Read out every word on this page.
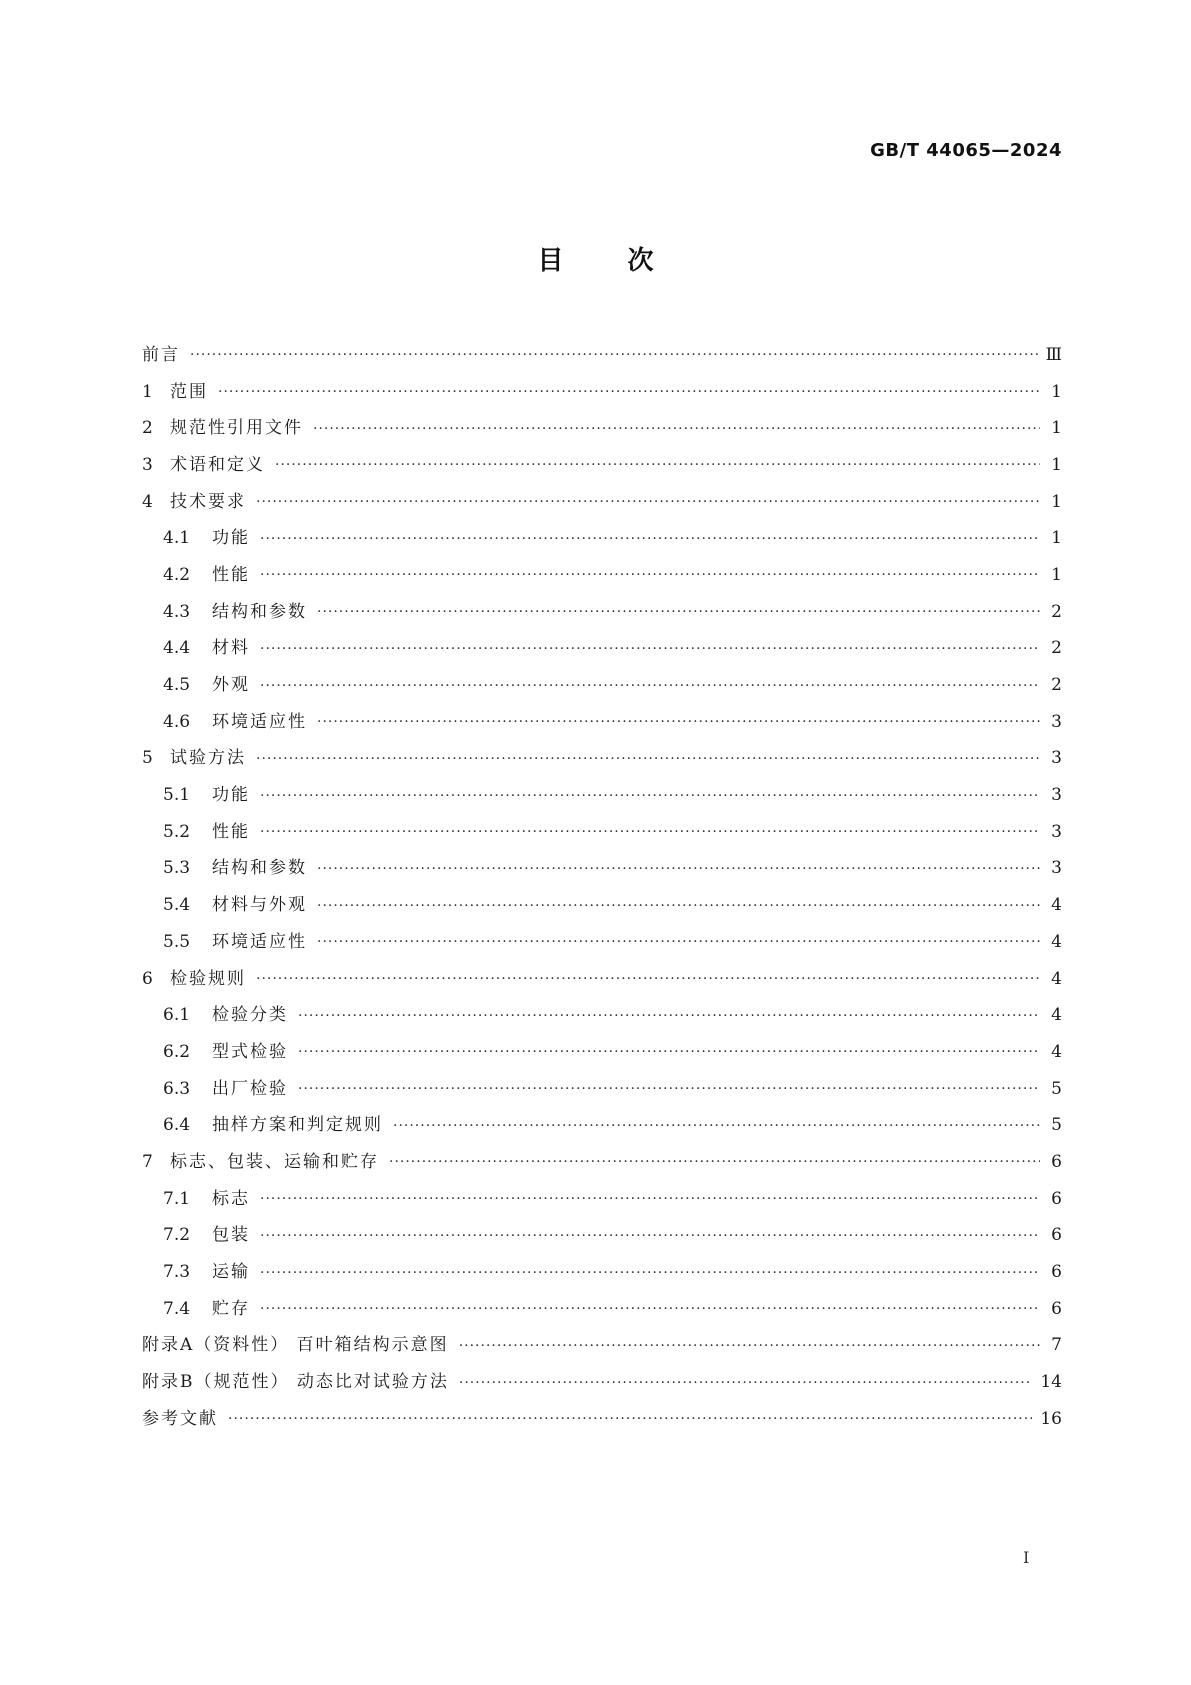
GB/T 44065—2024
目次
前言 ·····	Ⅲ
1	范围 ·····	1
2	规范性引用文件 ·····	1
3	术语和定义 ·····	1
4	技术要求 ·····	1
4.1	功能 ·····	1
4.2	性能 ·····	1
4.3	结构和参数 ·····	2
4.4	材料 ·····	2
4.5	外观 ·····	2
4.6	环境适应性 ·····	3
5	试验方法 ·····	3
5.1	功能 ·····	3
5.2	性能 ·····	3
5.3	结构和参数 ·····	3
5.4	材料与外观 ·····	4
5.5	环境适应性 ·····	4
6	检验规则 ·····	4
6.1	检验分类 ·····	4
6.2	型式检验 ·····	4
6.3	出厂检验 ·····	5
6.4	抽样方案和判定规则 ·····	5
7	标志、包装、运输和贮存 ·····	6
7.1	标志 ·····	6
7.2	包装 ·····	6
7.3	运输 ·····	6
7.4	贮存 ·····	6
附录A（资料性） 百叶箱结构示意图 ·····	7
附录B（规范性） 动态比对试验方法 ·····	14
参考文献 ·····	16
Ⅰ
